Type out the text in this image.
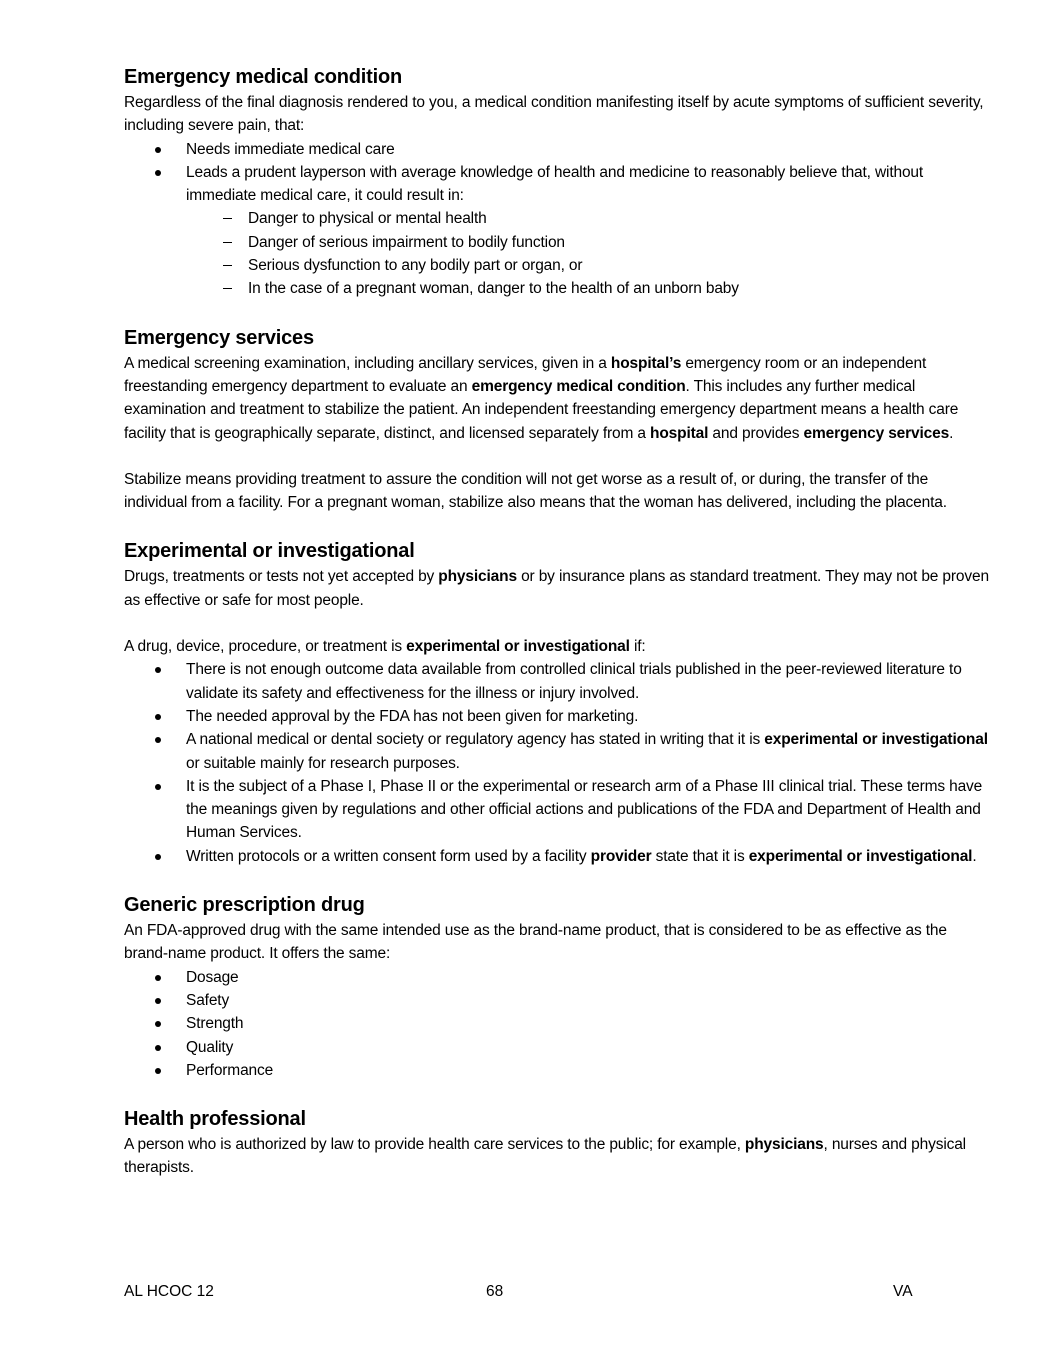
Emergency medical condition

Regardless of the final diagnosis rendered to you, a medical condition manifesting itself by acute symptoms of sufficient severity, including severe pain, that:

Needs immediate medical care
Leads a prudent layperson with average knowledge of health and medicine to reasonably believe that, without immediate medical care, it could result in:
Danger to physical or mental health
Danger of serious impairment to bodily function
Serious dysfunction to any bodily part or organ, or
In the case of a pregnant woman, danger to the health of an unborn baby
Emergency services

A medical screening examination, including ancillary services, given in a hospital’s emergency room or an independent freestanding emergency department to evaluate an emergency medical condition. This includes any further medical examination and treatment to stabilize the patient. An independent freestanding emergency department means a health care facility that is geographically separate, distinct, and licensed separately from a hospital and provides emergency services.

Stabilize means providing treatment to assure the condition will not get worse as a result of, or during, the transfer of the individual from a facility. For a pregnant woman, stabilize also means that the woman has delivered, including the placenta.

Experimental or investigational

Drugs, treatments or tests not yet accepted by physicians or by insurance plans as standard treatment. They may not be proven as effective or safe for most people.

A drug, device, procedure, or treatment is experimental or investigational if:

There is not enough outcome data available from controlled clinical trials published in the peer-reviewed literature to validate its safety and effectiveness for the illness or injury involved.
The needed approval by the FDA has not been given for marketing.
A national medical or dental society or regulatory agency has stated in writing that it is experimental or investigational or suitable mainly for research purposes.
It is the subject of a Phase I, Phase II or the experimental or research arm of a Phase III clinical trial. These terms have the meanings given by regulations and other official actions and publications of the FDA and Department of Health and Human Services.
Written protocols or a written consent form used by a facility provider state that it is experimental or investigational.
Generic prescription drug

An FDA-approved drug with the same intended use as the brand-name product, that is considered to be as effective as the brand-name product. It offers the same:

Dosage
Safety
Strength
Quality
Performance
Health professional

A person who is authorized by law to provide health care services to the public; for example, physicians, nurses and physical therapists.

AL HCOC 12	68	VA
